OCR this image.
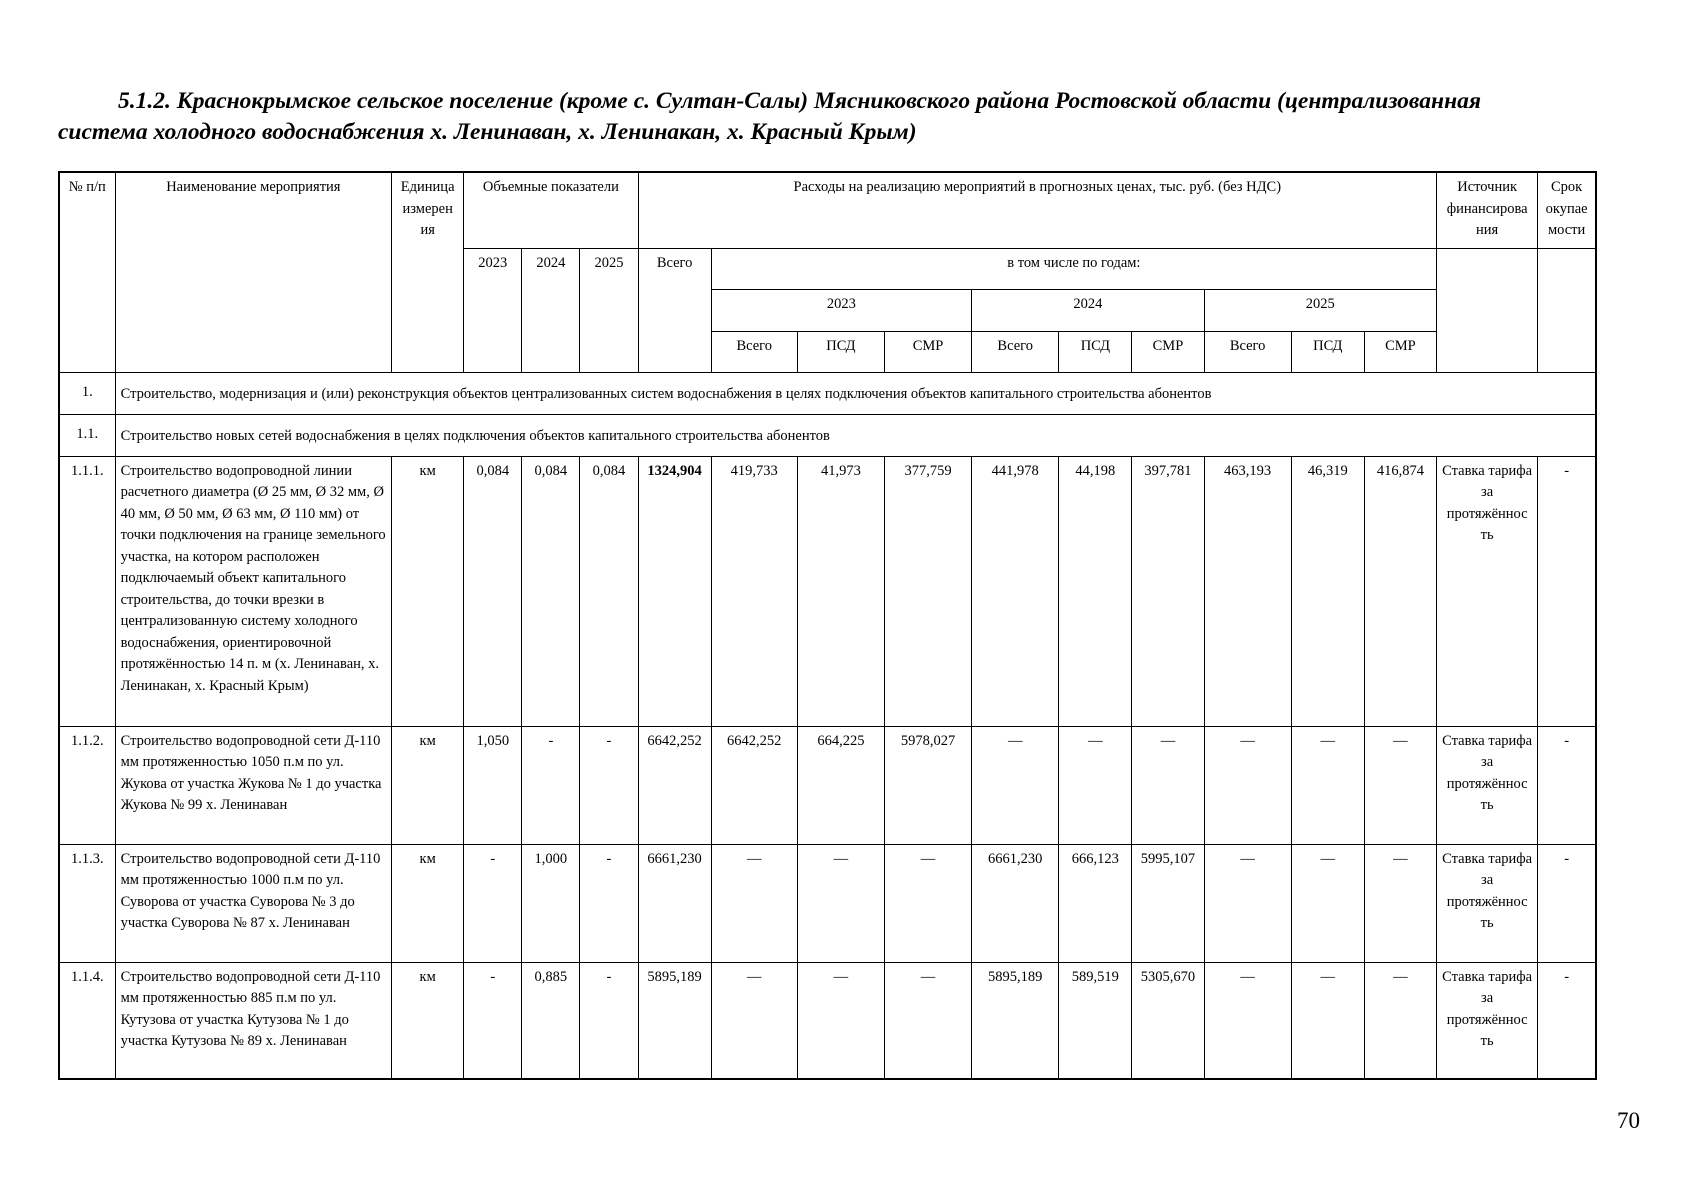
5.1.2. Краснокрымское сельское поселение (кроме с. Султан-Салы) Мясниковского района Ростовской области (централизованная
система холодного водоснабжения х. Ленинаван, х. Ленинакан, х. Красный Крым)
№ п/п	Наименование мероприятия	Единица измерен ия	Объемные показатели			Расходы на реализацию мероприятий в прогнозных ценах, тыс. руб. (без НДС)										Источник финансирова ния	Срок окупае мости
			2023	2024	2025	Всего	в том числе по годам:										
							2023			2024			2025				
							Всего	ПСД	СМР	Всего	ПСД	СМР	Всего	ПСД	СМР		
1.	Строительство, модернизация и (или) реконструкция объектов централизованных систем водоснабжения в целях подключения объектов капитального строительства абонентов																
1.1.	Строительство новых сетей водоснабжения в целях подключения объектов капитального строительства абонентов																
1.1.1.	Строительство водопроводной линии расчетного диаметра (Ø 25 мм, Ø 32 мм, Ø 40 мм, Ø 50 мм, Ø 63 мм, Ø 110 мм) от точки подключения на границе земельного участка, на котором расположен подключаемый объект капитального строительства, до точки врезки в централизованную систему холодного водоснабжения, ориентировочной протяжённостью 14 п. м (х. Ленинаван, х. Ленинакан, х. Красный Крым)	км	0,084	0,084	0,084	1324,904	419,733	41,973	377,759	441,978	44,198	397,781	463,193	46,319	416,874	Ставка тарифа за протяжённос ть	-
1.1.2.	Строительство водопроводной сети Д-110 мм протяженностью 1050 п.м по ул. Жукова от участка Жукова № 1 до участка Жукова № 99 х. Ленинаван	км	1,050	-	-	6642,252	6642,252	664,225	5978,027	—	—	—	—	—	—	Ставка тарифа за протяжённос ть	-
1.1.3.	Строительство водопроводной сети Д-110 мм протяженностью 1000 п.м по ул. Суворова от участка Суворова № 3 до участка Суворова № 87 х. Ленинаван	км	-	1,000	-	6661,230	—	—	—	6661,230	666,123	5995,107	—	—	—	Ставка тарифа за протяжённос ть	-
1.1.4.	Строительство водопроводной сети Д-110 мм протяженностью 885 п.м по ул. Кутузова от участка Кутузова № 1 до участка Кутузова № 89 х. Ленинаван	км	-	0,885	-	5895,189	—	—	—	5895,189	589,519	5305,670	—	—	—	Ставка тарифа за протяжённос ть	-
70
